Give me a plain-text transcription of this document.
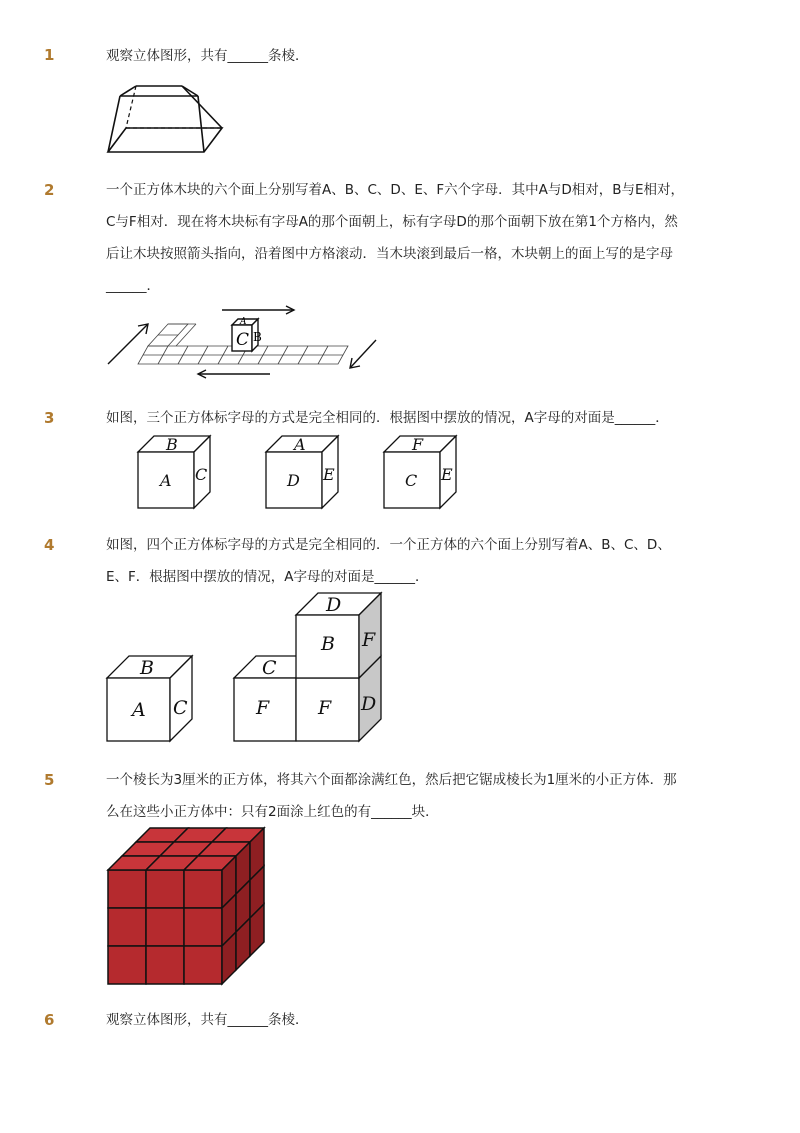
1	观察立体图形，共有______条棱．
2	一个正方体木块的六个面上分别写着A、B、C、D、E、F六个字母．其中A与D相对，B与E相对，
C与F相对．现在将木块标有字母A的那个面朝上，标有字母D的那个面朝下放在第1个方格内，然
后让木块按照箭头指向，沿着图中方格滚动．当木块滚到最后一格，木块朝上的面上写的是字母
______．
A
C B
3	如图，三个正方体标字母的方式是完全相同的．根据图中摆放的情况，A字母的对面是______．
B
A C
A
D E
F
C E
4	如图，四个正方体标字母的方式是完全相同的．一个正方体的六个面上分别写着A、B、C、D、
E、F．根据图中摆放的情况，A字母的对面是______．
B
A C
D
B F
C
F	F D
5	一个棱长为3厘米的正方体，将其六个面都涂满红色，然后把它锯成棱长为1厘米的小正方体．那
么在这些小正方体中：只有2面涂上红色的有______块．
6	观察立体图形，共有______条棱．
